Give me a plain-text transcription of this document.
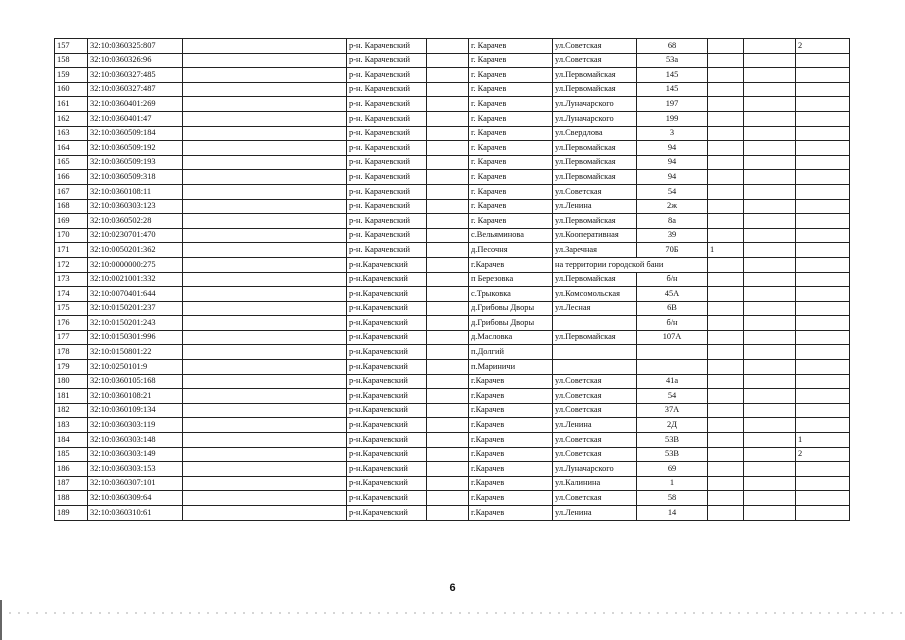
157	32:10:0360325:807		р-н. Карачевский		г. Карачев	ул.Советская	68			2
158	32:10:0360326:96		р-н. Карачевский		г. Карачев	ул.Советская	53а			
159	32:10:0360327:485		р-н. Карачевский		г. Карачев	ул.Первомайская	145			
160	32:10:0360327:487		р-н. Карачевский		г. Карачев	ул.Первомайская	145			
161	32:10:0360401:269		р-н. Карачевский		г. Карачев	ул.Луначарского	197			
162	32:10:0360401:47		р-н. Карачевский		г. Карачев	ул.Луначарского	199			
163	32:10:0360509:184		р-н. Карачевский		г. Карачев	ул.Свердлова	3			
164	32:10:0360509:192		р-н. Карачевский		г. Карачев	ул.Первомайская	94			
165	32:10:0360509:193		р-н. Карачевский		г. Карачев	ул.Первомайская	94			
166	32:10:0360509:318		р-н. Карачевский		г. Карачев	ул.Первомайская	94			
167	32:10:0360108:11		р-н. Карачевский		г. Карачев	ул.Советская	54			
168	32:10:0360303:123		р-н. Карачевский		г. Карачев	ул.Ленина	2ж			
169	32:10:0360502:28		р-н. Карачевский		г. Карачев	ул.Первомайская	8а			
170	32:10:0230701:470		р-н. Карачевский		с.Вельяминова	ул.Кооперативная	39			
171	32:10:0050201:362		р-н. Карачевский		д.Песочня	ул.Заречная	70Б	1		
172	32:10:0000000:275		р-н.Карачевский		г.Карачев	на территории городской бани				
173	32:10:0021001:332		р-н.Карачевский		п Березовка	ул.Первомайская	б/н			
174	32:10:0070401:644		р-н.Карачевский		с.Трыковка	ул.Комсомольская	45А			
175	32:10:0150201:237		р-н.Карачевский		д.Грибовы Дворы	ул.Лесная	6В			
176	32:10:0150201:243		р-н.Карачевский		д.Грибовы Дворы		б/н			
177	32:10:0150301:996		р-н.Карачевский		д.Масловка	ул.Первомайская	107А			
178	32:10:0150801:22		р-н.Карачевский		п.Долгий					
179	32:10:0250101:9		р-н.Карачевский		п.Мариничи					
180	32:10:0360105:168		р-н.Карачевский		г.Карачев	ул.Советская	41а			
181	32:10:0360108:21		р-н.Карачевский		г.Карачев	ул.Советская	54			
182	32:10:0360109:134		р-н.Карачевский		г.Карачев	ул.Советская	37А			
183	32:10:0360303:119		р-н.Карачевский		г.Карачев	ул.Ленина	2Д			
184	32:10:0360303:148		р-н.Карачевский		г.Карачев	ул.Советская	53В			1
185	32:10:0360303:149		р-н.Карачевский		г.Карачев	ул.Советская	53В			2
186	32:10:0360303:153		р-н.Карачевский		г.Карачев	ул.Луначарского	69			
187	32:10:0360307:101		р-н.Карачевский		г.Карачев	ул.Калинина	1			
188	32:10:0360309:64		р-н.Карачевский		г.Карачев	ул.Советская	58			
189	32:10:0360310:61		р-н.Карачевский		г.Карачев	ул.Ленина	14			
6
